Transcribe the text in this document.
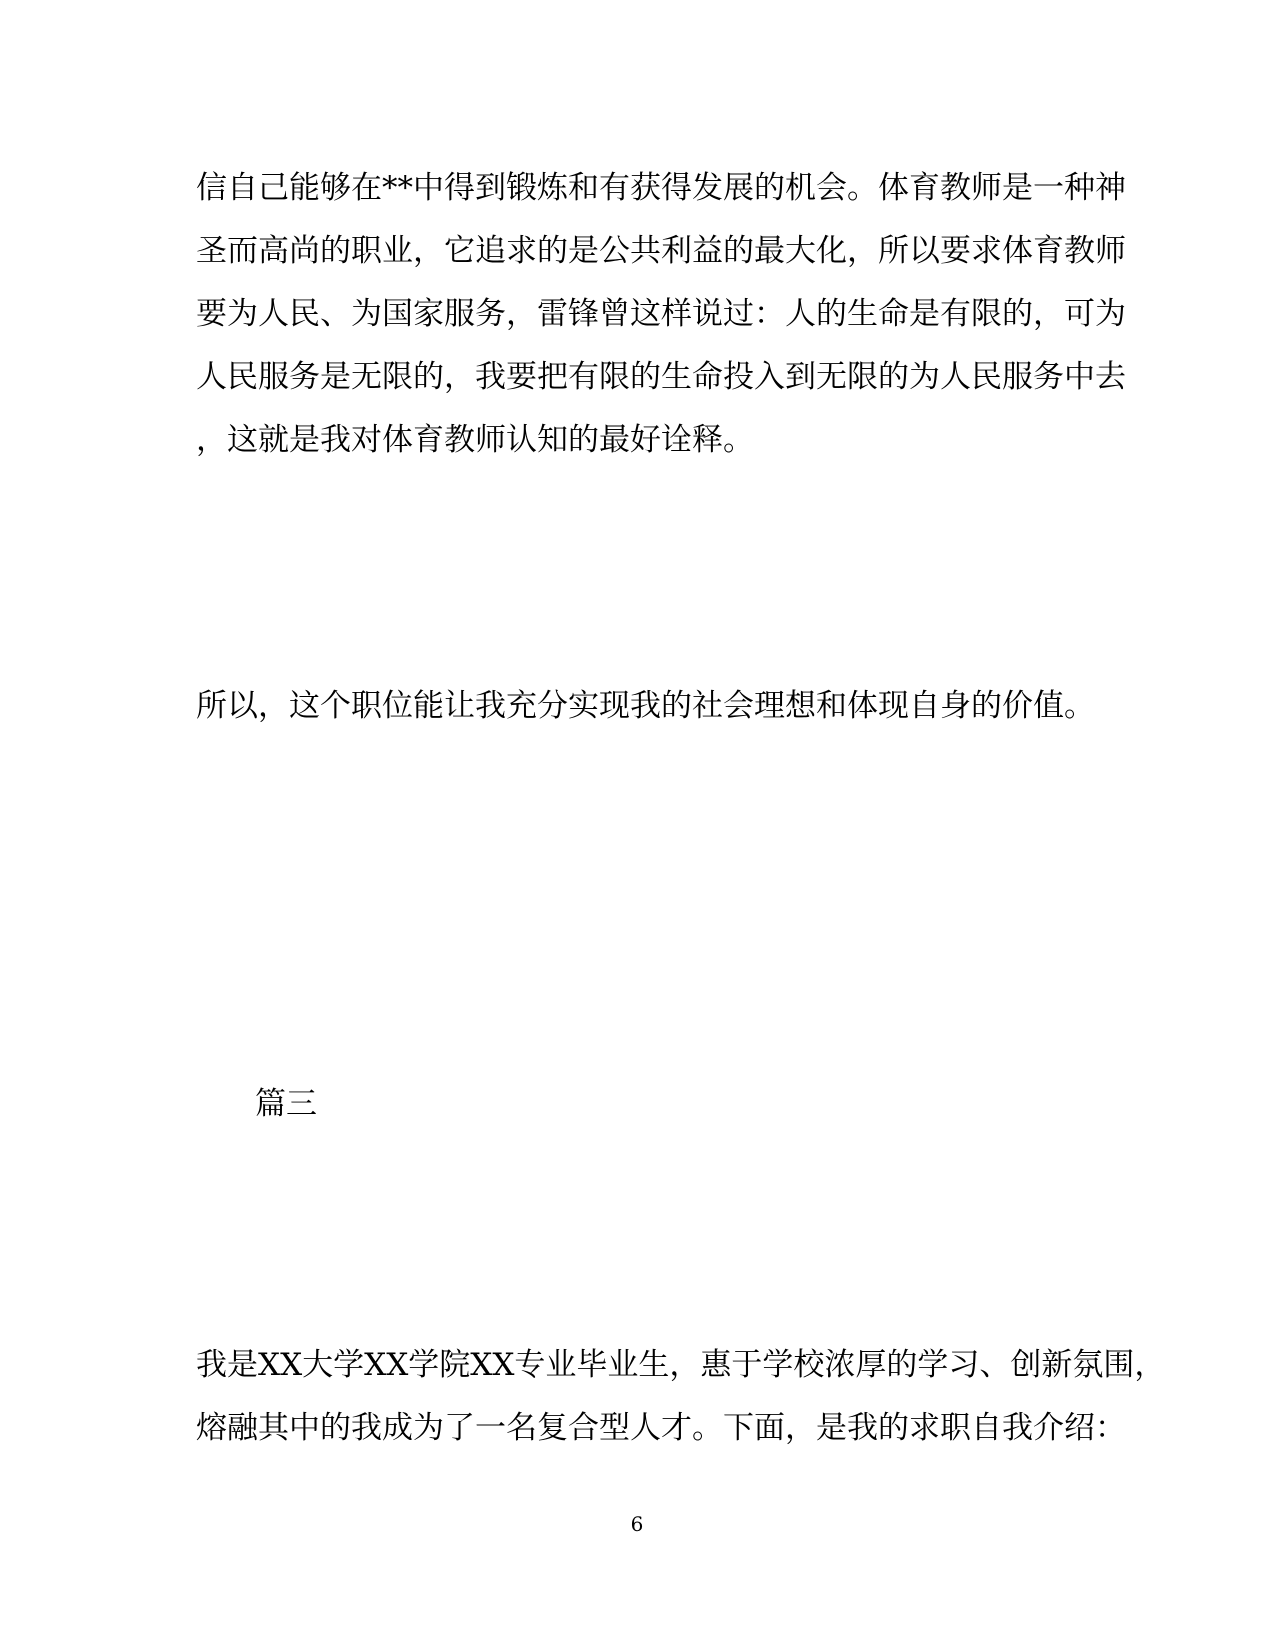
信自己能够在**中得到锻炼和有获得发展的机会。体育教师是一种神
圣而高尚的职业，它追求的是公共利益的最大化，所以要求体育教师
要为人民、为国家服务，雷锋曾这样说过：人的生命是有限的，可为
人民服务是无限的，我要把有限的生命投入到无限的为人民服务中去
，这就是我对体育教师认知的最好诠释。
所以，这个职位能让我充分实现我的社会理想和体现自身的价值。
篇三
我是XX大学XX学院XX专业毕业生，惠于学校浓厚的学习、创新氛围，
熔融其中的我成为了一名复合型人才。下面，是我的求职自我介绍：
6
